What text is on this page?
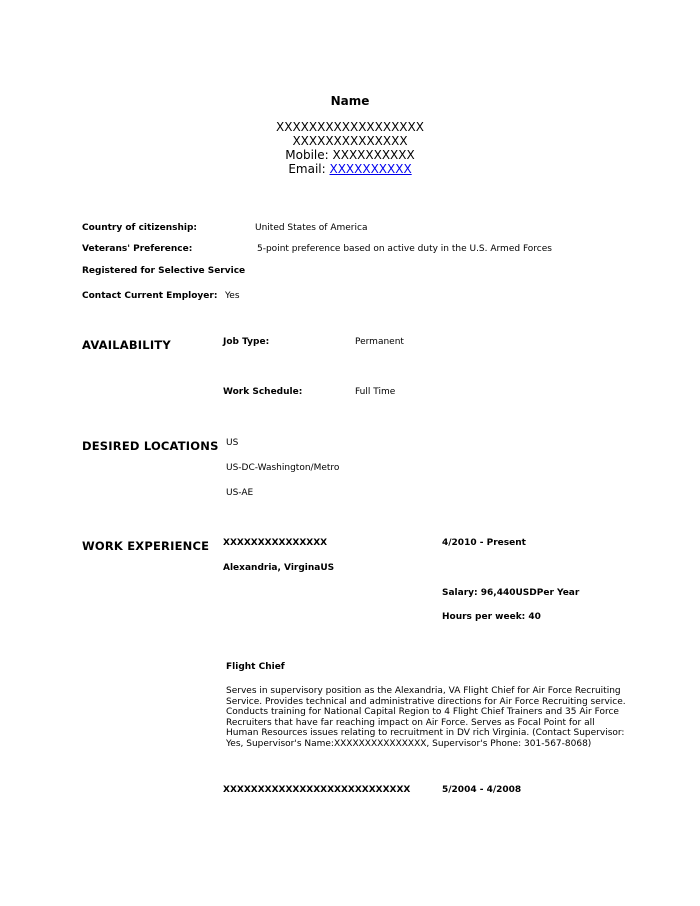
Name
XXXXXXXXXXXXXXXXXX
XXXXXXXXXXXXXX
Mobile: XXXXXXXXXX
Email: XXXXXXXXXX
Country of citizenship:	United States of America
Veterans' Preference:	5-point preference based on active duty in the U.S. Armed Forces
Registered for Selective Service
Contact Current Employer: Yes
AVAILABILITY	Job Type:	Permanent
Work Schedule:	Full Time
DESIRED LOCATIONS US
US-DC-Washington/Metro
US-AE
WORK EXPERIENCE XXXXXXXXXXXXXXX	4/2010 - Present
Alexandria, VirginaUS
Salary: 96,440USDPer Year
Hours per week: 40
Flight Chief
Serves in supervisory position as the Alexandria, VA Flight Chief for Air Force Recruiting Service. Provides technical and administrative directions for Air Force Recruiting service. Conducts training for National Capital Region to 4 Flight Chief Trainers and 35 Air Force Recruiters that have far reaching impact on Air Force. Serves as Focal Point for all Human Resources issues relating to recruitment in DV rich Virginia. (Contact Supervisor: Yes, Supervisor's Name:XXXXXXXXXXXXXXX, Supervisor's Phone: 301-567-8068)
XXXXXXXXXXXXXXXXXXXXXXXXXXX	5/2004 - 4/2008
